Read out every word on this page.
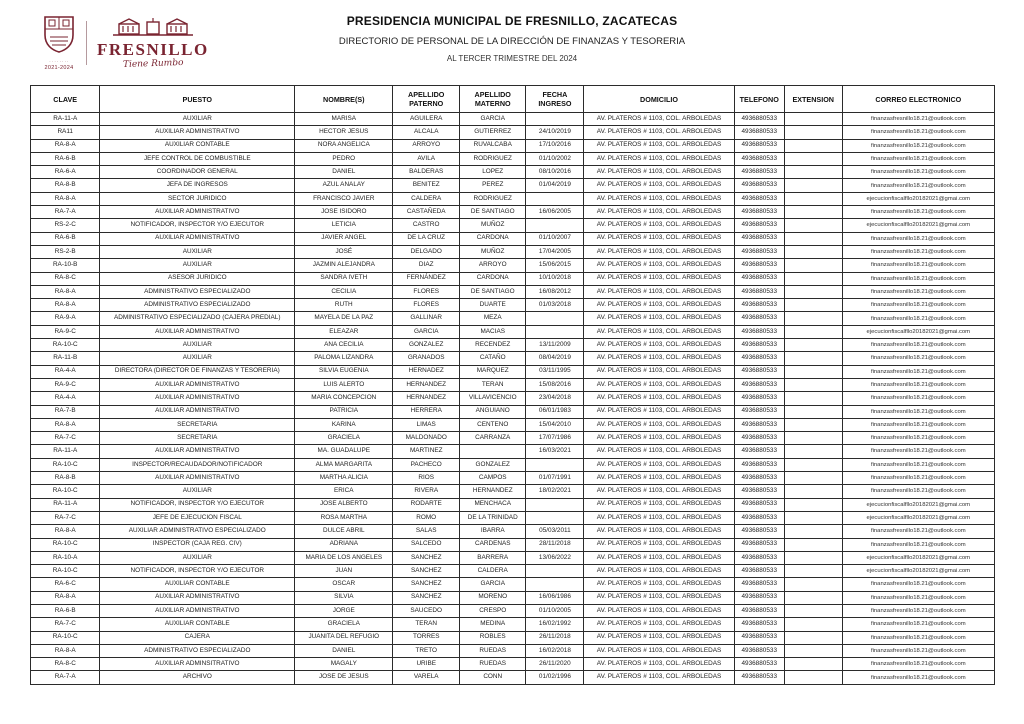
· · · · · · · ·
2021-2024
FRESNILLO
Tiene Rumbo
PRESIDENCIA MUNICIPAL DE FRESNILLO, ZACATECAS
DIRECTORIO DE PERSONAL DE LA DIRECCIÓN DE FINANZAS Y TESORERIA
AL TERCER TRIMESTRE DEL 2024
CLAVE	PUESTO	NOMBRE(S)	APELLIDO PATERNO	APELLIDO MATERNO	FECHA INGRESO	DOMICILIO	TELEFONO	EXTENSION	CORREO ELECTRONICO
RA-11-A	AUXILIAR	MARISA	AGUILERA	GARCIA		AV. PLATEROS # 1103, COL. ARBOLEDAS	4936880533		finanzasfresnillo18.21@outlook.com
RA11	AUXILIAR ADMINISTRATIVO	HECTOR JESUS	ALCALA	GUTIERREZ	24/10/2019	AV. PLATEROS # 1103, COL. ARBOLEDAS	4936880533		finanzasfresnillo18.21@outlook.com
RA-8-A	AUXILIAR CONTABLE	NORA ANGELICA	ARROYO	RUVALCABA	17/10/2016	AV. PLATEROS # 1103, COL. ARBOLEDAS	4936880533		finanzasfresnillo18.21@outlook.com
RA-6-B	JEFE CONTROL DE COMBUSTIBLE	PEDRO	AVILA	RODRIGUEZ	01/10/2002	AV. PLATEROS # 1103, COL. ARBOLEDAS	4936880533		finanzasfresnillo18.21@outlook.com
RA-6-A	COORDINADOR GENERAL	DANIEL	BALDERAS	LOPEZ	08/10/2016	AV. PLATEROS # 1103, COL. ARBOLEDAS	4936880533		finanzasfresnillo18.21@outlook.com
RA-8-B	JEFA DE INGRESOS	AZUL ANALAY	BENITEZ	PEREZ	01/04/2019	AV. PLATEROS # 1103, COL. ARBOLEDAS	4936880533		finanzasfresnillo18.21@outlook.com
RA-8-A	SECTOR JURIDICO	FRANCISCO JAVIER	CALDERA	RODRIGUEZ		AV. PLATEROS # 1103, COL. ARBOLEDAS	4936880533		ejecucionfiscalfllo20182021@gmai.com
RA-7-A	AUXILIAR ADMINISTRATIVO	JOSE ISIDORO	CASTAÑEDA	DE SANTIAGO	16/06/2005	AV. PLATEROS # 1103, COL. ARBOLEDAS	4936880533		finanzasfresnillo18.21@outlook.com
RS-2-C	NOTIFICADOR, INSPECTOR Y/O EJECUTOR	LETICIA	CASTRO	MUÑOZ		AV. PLATEROS # 1103, COL. ARBOLEDAS	4936880533		ejecucionfiscalfllo20182021@gmai.com
RA-6-B	AUXILIAR ADMINISTRATIVO	JAVIER ANGEL	DE LA CRUZ	CARDONA	01/10/2007	AV. PLATEROS # 1103, COL. ARBOLEDAS	4936880533		finanzasfresnillo18.21@outlook.com
RS-2-B	AUXILIAR	JOSÉ	DELGADO	MUÑOZ	17/04/2005	AV. PLATEROS # 1103, COL. ARBOLEDAS	4936880533		finanzasfresnillo18.21@outlook.com
RA-10-B	AUXILIAR	JAZMIN ALEJANDRA	DIAZ	ARROYO	15/06/2015	AV. PLATEROS # 1103, COL. ARBOLEDAS	4936880533		finanzasfresnillo18.21@outlook.com
RA-8-C	ASESOR JURIDICO	SANDRA IVETH	FERNÁNDEZ	CARDONA	10/10/2018	AV. PLATEROS # 1103, COL. ARBOLEDAS	4936880533		finanzasfresnillo18.21@outlook.com
RA-8-A	ADMINISTRATIVO ESPECIALIZADO	CECILIA	FLORES	DE SANTIAGO	16/08/2012	AV. PLATEROS # 1103, COL. ARBOLEDAS	4936880533		finanzasfresnillo18.21@outlook.com
RA-8-A	ADMINISTRATIVO ESPECIALIZADO	RUTH	FLORES	DUARTE	01/03/2018	AV. PLATEROS # 1103, COL. ARBOLEDAS	4936880533		finanzasfresnillo18.21@outlook.com
RA-9-A	ADMINISTRATIVO ESPECIALIZADO (CAJERA PREDIAL)	MAYELA DE LA PAZ	GALLINAR	MEZA		AV. PLATEROS # 1103, COL. ARBOLEDAS	4936880533		finanzasfresnillo18.21@outlook.com
RA-9-C	AUXILIAR ADMINISTRATIVO	ELEAZAR	GARCIA	MACIAS		AV. PLATEROS # 1103, COL. ARBOLEDAS	4936880533		ejecucionfiscalfllo20182021@gmai.com
RA-10-C	AUXILIAR	ANA CECILIA	GONZALEZ	RECENDEZ	13/11/2009	AV. PLATEROS # 1103, COL. ARBOLEDAS	4936880533		finanzasfresnillo18.21@outlook.com
RA-11-B	AUXILIAR	PALOMA LIZANDRA	GRANADOS	CATAÑO	08/04/2019	AV. PLATEROS # 1103, COL. ARBOLEDAS	4936880533		finanzasfresnillo18.21@outlook.com
RA-4-A	DIRECTORA (DIRECTOR DE FINANZAS Y TESORERIA)	SILVIA EUGENIA	HERNADEZ	MARQUEZ	03/11/1995	AV. PLATEROS # 1103, COL. ARBOLEDAS	4936880533		finanzasfresnillo18.21@outlook.com
RA-9-C	AUXILIAR ADMINISTRATIVO	LUIS ALERTO	HERNANDEZ	TERAN	15/08/2016	AV. PLATEROS # 1103, COL. ARBOLEDAS	4936880533		finanzasfresnillo18.21@outlook.com
RA-4-A	AUXILIAR ADMINISTRATIVO	MARIA CONCEPCION	HERNANDEZ	VILLAVICENCIO	23/04/2018	AV. PLATEROS # 1103, COL. ARBOLEDAS	4936880533		finanzasfresnillo18.21@outlook.com
RA-7-B	AUXILIAR ADMINISTRATIVO	PATRICIA	HERRERA	ANGUIANO	06/01/1983	AV. PLATEROS # 1103, COL. ARBOLEDAS	4936880533		finanzasfresnillo18.21@outlook.com
RA-8-A	SECRETARIA	KARINA	LIMAS	CENTENO	15/04/2010	AV. PLATEROS # 1103, COL. ARBOLEDAS	4936880533		finanzasfresnillo18.21@outlook.com
RA-7-C	SECRETARIA	GRACIELA	MALDONADO	CARRANZA	17/07/1986	AV. PLATEROS # 1103, COL. ARBOLEDAS	4936880533		finanzasfresnillo18.21@outlook.com
RA-11-A	AUXILIAR ADMINISTRATIVO	MA. GUADALUPE	MARTINEZ		16/03/2021	AV. PLATEROS # 1103, COL. ARBOLEDAS	4936880533		finanzasfresnillo18.21@outlook.com
RA-10-C	INSPECTOR/RECAUDADOR/NOTIFICADOR	ALMA MARGARITA	PACHECO	GONZALEZ		AV. PLATEROS # 1103, COL. ARBOLEDAS	4936880533		finanzasfresnillo18.21@outlook.com
RA-8-B	AUXILIAR ADMINISTRATIVO	MARTHA ALICIA	RIOS	CAMPOS	01/07/1991	AV. PLATEROS # 1103, COL. ARBOLEDAS	4936880533		finanzasfresnillo18.21@outlook.com
RA-10-C	AUXILIAR	ERICA	RIVERA	HERNANDEZ	18/02/2021	AV. PLATEROS # 1103, COL. ARBOLEDAS	4936880533		finanzasfresnillo18.21@outlook.com
RA-11-A	NOTIFICADOR, INSPECTOR Y/O EJECUTOR	JOSE ALBERTO	RODARTE	MENCHACA		AV. PLATEROS # 1103, COL. ARBOLEDAS	4936880533		ejecucionfiscalfllo20182021@gmai.com
RA-7-C	JEFE DE EJECUCION FISCAL	ROSA MARTHA	ROMO	DE LA TRINIDAD		AV. PLATEROS # 1103, COL. ARBOLEDAS	4936880533		ejecucionfiscalfllo20182021@gmai.com
RA-8-A	AUXILIAR ADMINISTRATIVO ESPECIALIZADO	DULCE ABRIL	SALAS	IBARRA	05/03/2011	AV. PLATEROS # 1103, COL. ARBOLEDAS	4936880533		finanzasfresnillo18.21@outlook.com
RA-10-C	INSPECTOR (CAJA REG. CIV)	ADRIANA	SALCEDO	CARDENAS	28/11/2018	AV. PLATEROS # 1103, COL. ARBOLEDAS	4936880533		finanzasfresnillo18.21@outlook.com
RA-10-A	AUXILIAR	MARIA DE LOS ANGELES	SANCHEZ	BARRERA	13/06/2022	AV. PLATEROS # 1103, COL. ARBOLEDAS	4936880533		ejecucionfiscalfllo20182021@gmai.com
RA-10-C	NOTIFICADOR, INSPECTOR Y/O EJECUTOR	JUAN	SANCHEZ	CALDERA		AV. PLATEROS # 1103, COL. ARBOLEDAS	4936880533		ejecucionfiscalfllo20182021@gmai.com
RA-6-C	AUXILIAR CONTABLE	OSCAR	SANCHEZ	GARCIA		AV. PLATEROS # 1103, COL. ARBOLEDAS	4936880533		finanzasfresnillo18.21@outlook.com
RA-8-A	AUXILIAR ADMINISTRATIVO	SILVIA	SANCHEZ	MORENO	16/06/1986	AV. PLATEROS # 1103, COL. ARBOLEDAS	4936880533		finanzasfresnillo18.21@outlook.com
RA-6-B	AUXILIAR ADMINISTRATIVO	JORGE	SAUCEDO	CRESPO	01/10/2005	AV. PLATEROS # 1103, COL. ARBOLEDAS	4936880533		finanzasfresnillo18.21@outlook.com
RA-7-C	AUXILIAR CONTABLE	GRACIELA	TERAN	MEDINA	16/02/1992	AV. PLATEROS # 1103, COL. ARBOLEDAS	4936880533		finanzasfresnillo18.21@outlook.com
RA-10-C	CAJERA	JUANITA DEL REFUGIO	TORRES	ROBLES	26/11/2018	AV. PLATEROS # 1103, COL. ARBOLEDAS	4936880533		finanzasfresnillo18.21@outlook.com
RA-8-A	ADMINISTRATIVO ESPECIALIZADO	DANIEL	TRETO	RUEDAS	16/02/2018	AV. PLATEROS # 1103, COL. ARBOLEDAS	4936880533		finanzasfresnillo18.21@outlook.com
RA-8-C	AUXILIAR ADMINSITRATIVO	MAGALY	URIBE	RUEDAS	26/11/2020	AV. PLATEROS # 1103, COL. ARBOLEDAS	4936880533		finanzasfresnillo18.21@outlook.com
RA-7-A	ARCHIVO	JOSE DE JESUS	VARELA	CONN	01/02/1996	AV. PLATEROS # 1103, COL. ARBOLEDAS	4936880533		finanzasfresnillo18.21@outlook.com
